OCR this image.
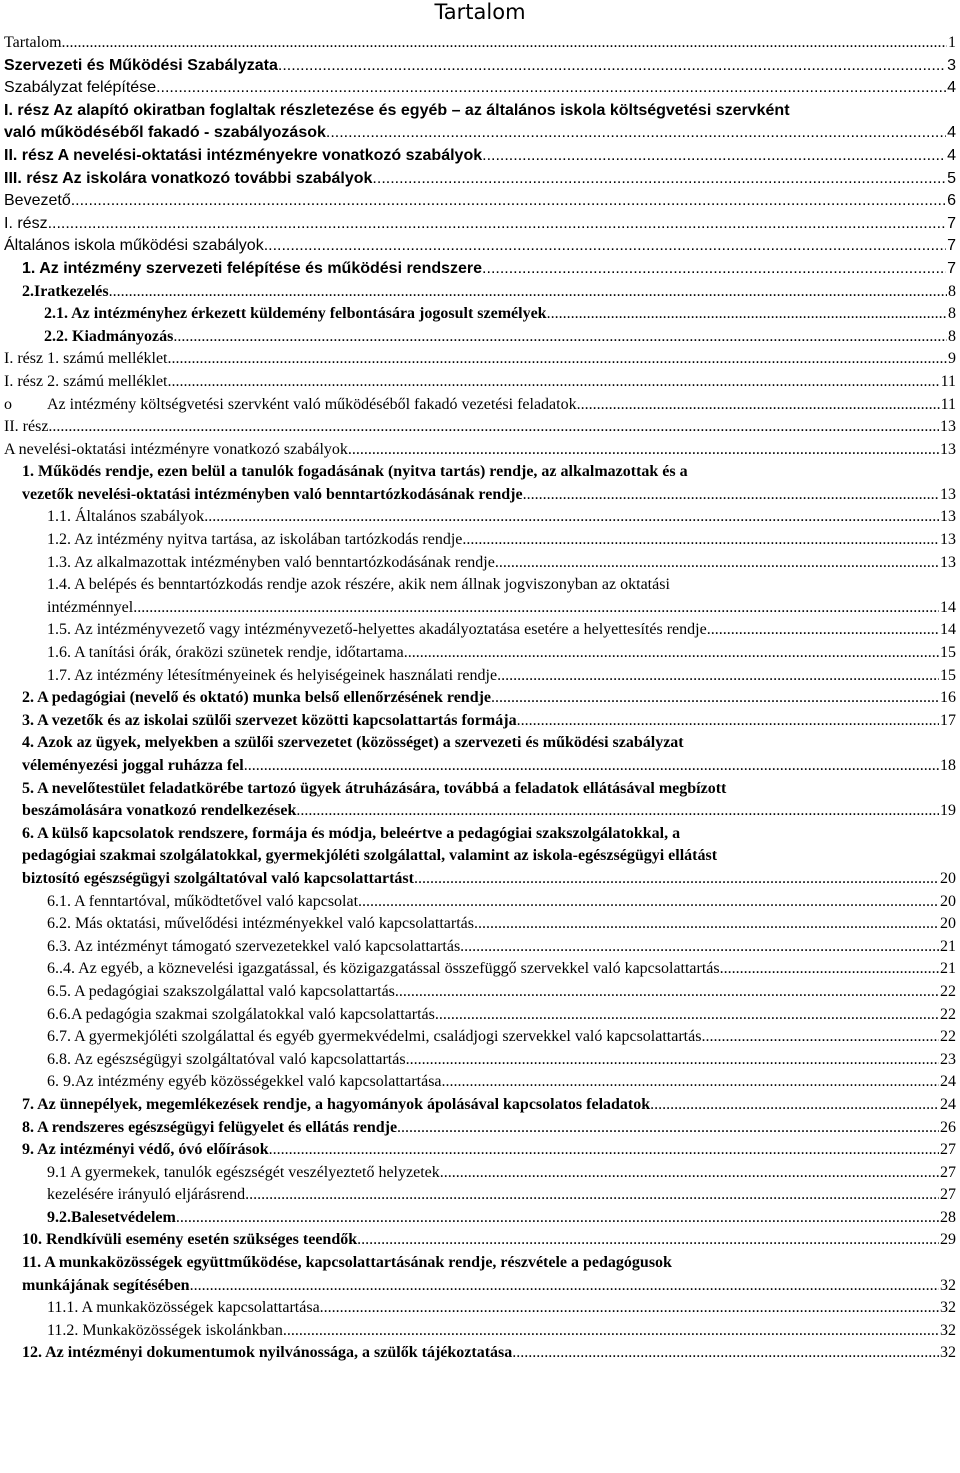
Tartalom
Tartalom .....	1
Szervezeti és Működési Szabályzata .....	3
Szabályzat felépítése .....	4
I. rész Az alapító okiratban foglaltak részletezése és egyéb – az általános iskola költségvetési szervként
való működéséből fakadó - szabályozások .....	4
II. rész A nevelési-oktatási intézményekre vonatkozó szabályok .....	4
III. rész Az iskolára vonatkozó további szabályok .....	5
Bevezető .....	6
I. rész .....	7
Általános iskola működési szabályok .....	7
1. Az intézmény szervezeti felépítése és működési rendszere .....	7
2.Iratkezelés .....	8
2.1. Az intézményhez érkezett küldemény felbontására jogosult személyek .....	8
2.2. Kiadmányozás .....	8
I. rész 1. számú melléklet .....	9
I. rész 2. számú melléklet .....	11
o Az intézmény költségvetési szervként való működéséből fakadó vezetési feladatok .....	11
II. rész .....	13
A nevelési-oktatási intézményre vonatkozó szabályok .....	13
1. Működés rendje, ezen belül a tanulók fogadásának (nyitva tartás) rendje, az alkalmazottak és a
vezetők nevelési-oktatási intézményben való benntartózkodásának rendje .....	13
1.1. Általános szabályok .....	13
1.2. Az intézmény nyitva tartása, az iskolában tartózkodás rendje .....	13
1.3. Az alkalmazottak intézményben való benntartózkodásának rendje .....	13
1.4. A belépés és benntartózkodás rendje azok részére, akik nem állnak jogviszonyban az oktatási
intézménnyel .....	14
1.5. Az intézményvezető vagy intézményvezető-helyettes akadályoztatása esetére a helyettesítés rendje .....	14
1.6. A tanítási órák, óraközi szünetek rendje, időtartama .....	15
1.7. Az intézmény létesítményeinek és helyiségeinek használati rendje .....	15
2. A pedagógiai (nevelő és oktató) munka belső ellenőrzésének rendje .....	16
3. A vezetők és az iskolai szülői szervezet közötti kapcsolattartás formája .....	17
4. Azok az ügyek, melyekben a szülői szervezetet (közösséget) a szervezeti és működési szabályzat
véleményezési joggal ruházza fel .....	18
5. A nevelőtestület feladatkörébe tartozó ügyek átruházására, továbbá a feladatok ellátásával megbízott
beszámolására vonatkozó rendelkezések .....	19
6. A külső kapcsolatok rendszere, formája és módja, beleértve a pedagógiai szakszolgálatokkal, a
pedagógiai szakmai szolgálatokkal, gyermekjóléti szolgálattal, valamint az iskola-egészségügyi ellátást
biztosító egészségügyi szolgáltatóval való kapcsolattartást .....	20
6.1. A fenntartóval, működtetővel való kapcsolat .....	20
6.2. Más oktatási, művelődési intézményekkel való kapcsolattartás .....	20
6.3. Az intézményt támogató szervezetekkel való kapcsolattartás .....	21
6..4. Az egyéb, a köznevelési igazgatással, és közigazgatással összefüggő szervekkel való kapcsolattartás .....	21
6.5. A pedagógiai szakszolgálattal való kapcsolattartás .....	22
6.6.A pedagógia szakmai szolgálatokkal való kapcsolattartás .....	22
6.7. A gyermekjóléti szolgálattal és egyéb gyermekvédelmi, családjogi szervekkel való kapcsolattartás. .....	22
6.8. Az egészségügyi szolgáltatóval való kapcsolattartás .....	23
6. 9.Az intézmény egyéb közösségekkel való kapcsolattartása .....	24
7. Az ünnepélyek, megemlékezések rendje, a hagyományok ápolásával kapcsolatos feladatok .....	24
8. A rendszeres egészségügyi felügyelet és ellátás rendje .....	26
9. Az intézményi védő, óvó előírások .....	27
9.1 A gyermekek, tanulók egészségét veszélyeztető helyzetek .....	27
kezelésére irányuló eljárásrend .....	27
9.2.Balesetvédelem .....	28
10. Rendkívüli esemény esetén szükséges teendők .....	29
11. A munkaközösségek együttműködése, kapcsolattartásának rendje, részvétele a pedagógusok
munkájának segítésében .....	32
11.1. A munkaközösségek kapcsolattartása .....	32
11.2. Munkaközösségek iskolánkban .....	32
12. Az intézményi dokumentumok nyilvánossága, a szülők tájékoztatása .....	32
